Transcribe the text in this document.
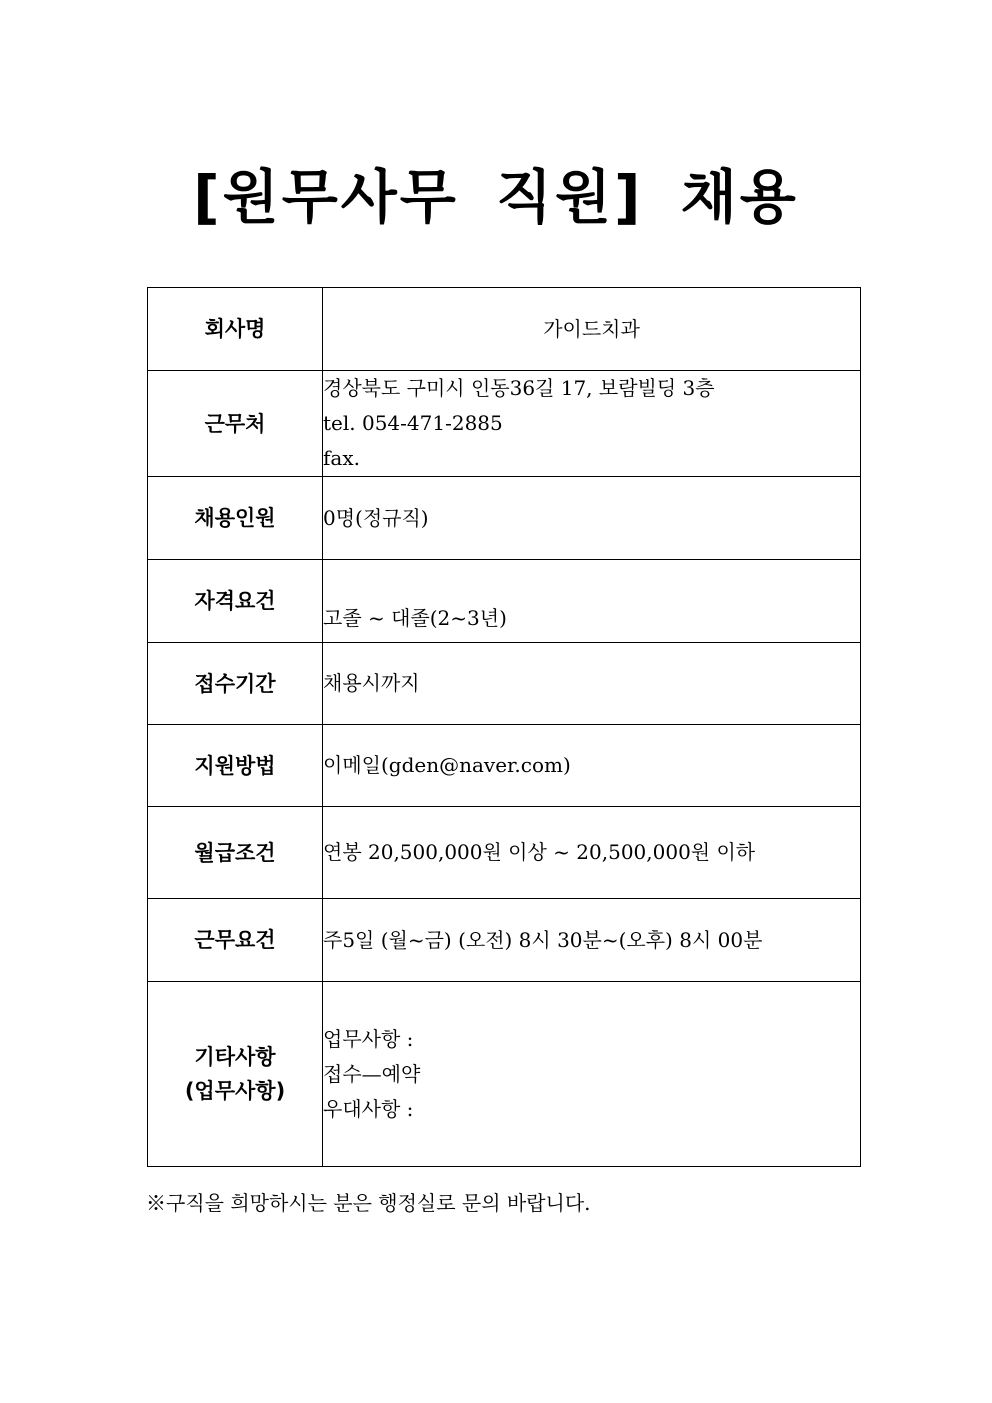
[원무사무 직원] 채용
회사명	가이드치과
근무처	경상북도 구미시 인동36길 17, 보람빌딩 3층
tel. 054-471-2885
fax.

채용인원	0명(정규직)
자격요건	고졸 ~ 대졸(2~3년)
접수기간	채용시까지
지원방법	이메일(gden@naver.com)
월급조건	연봉 20,500,000원 이상 ~ 20,500,000원 이하
근무요건	주5일 (월~금) (오전) 8시 30분~(오후) 8시 00분

기타사항
(업무사항)	업무사항 :
접수—예약
우대사항 :
※구직을 희망하시는 분은 행정실로 문의 바랍니다.
